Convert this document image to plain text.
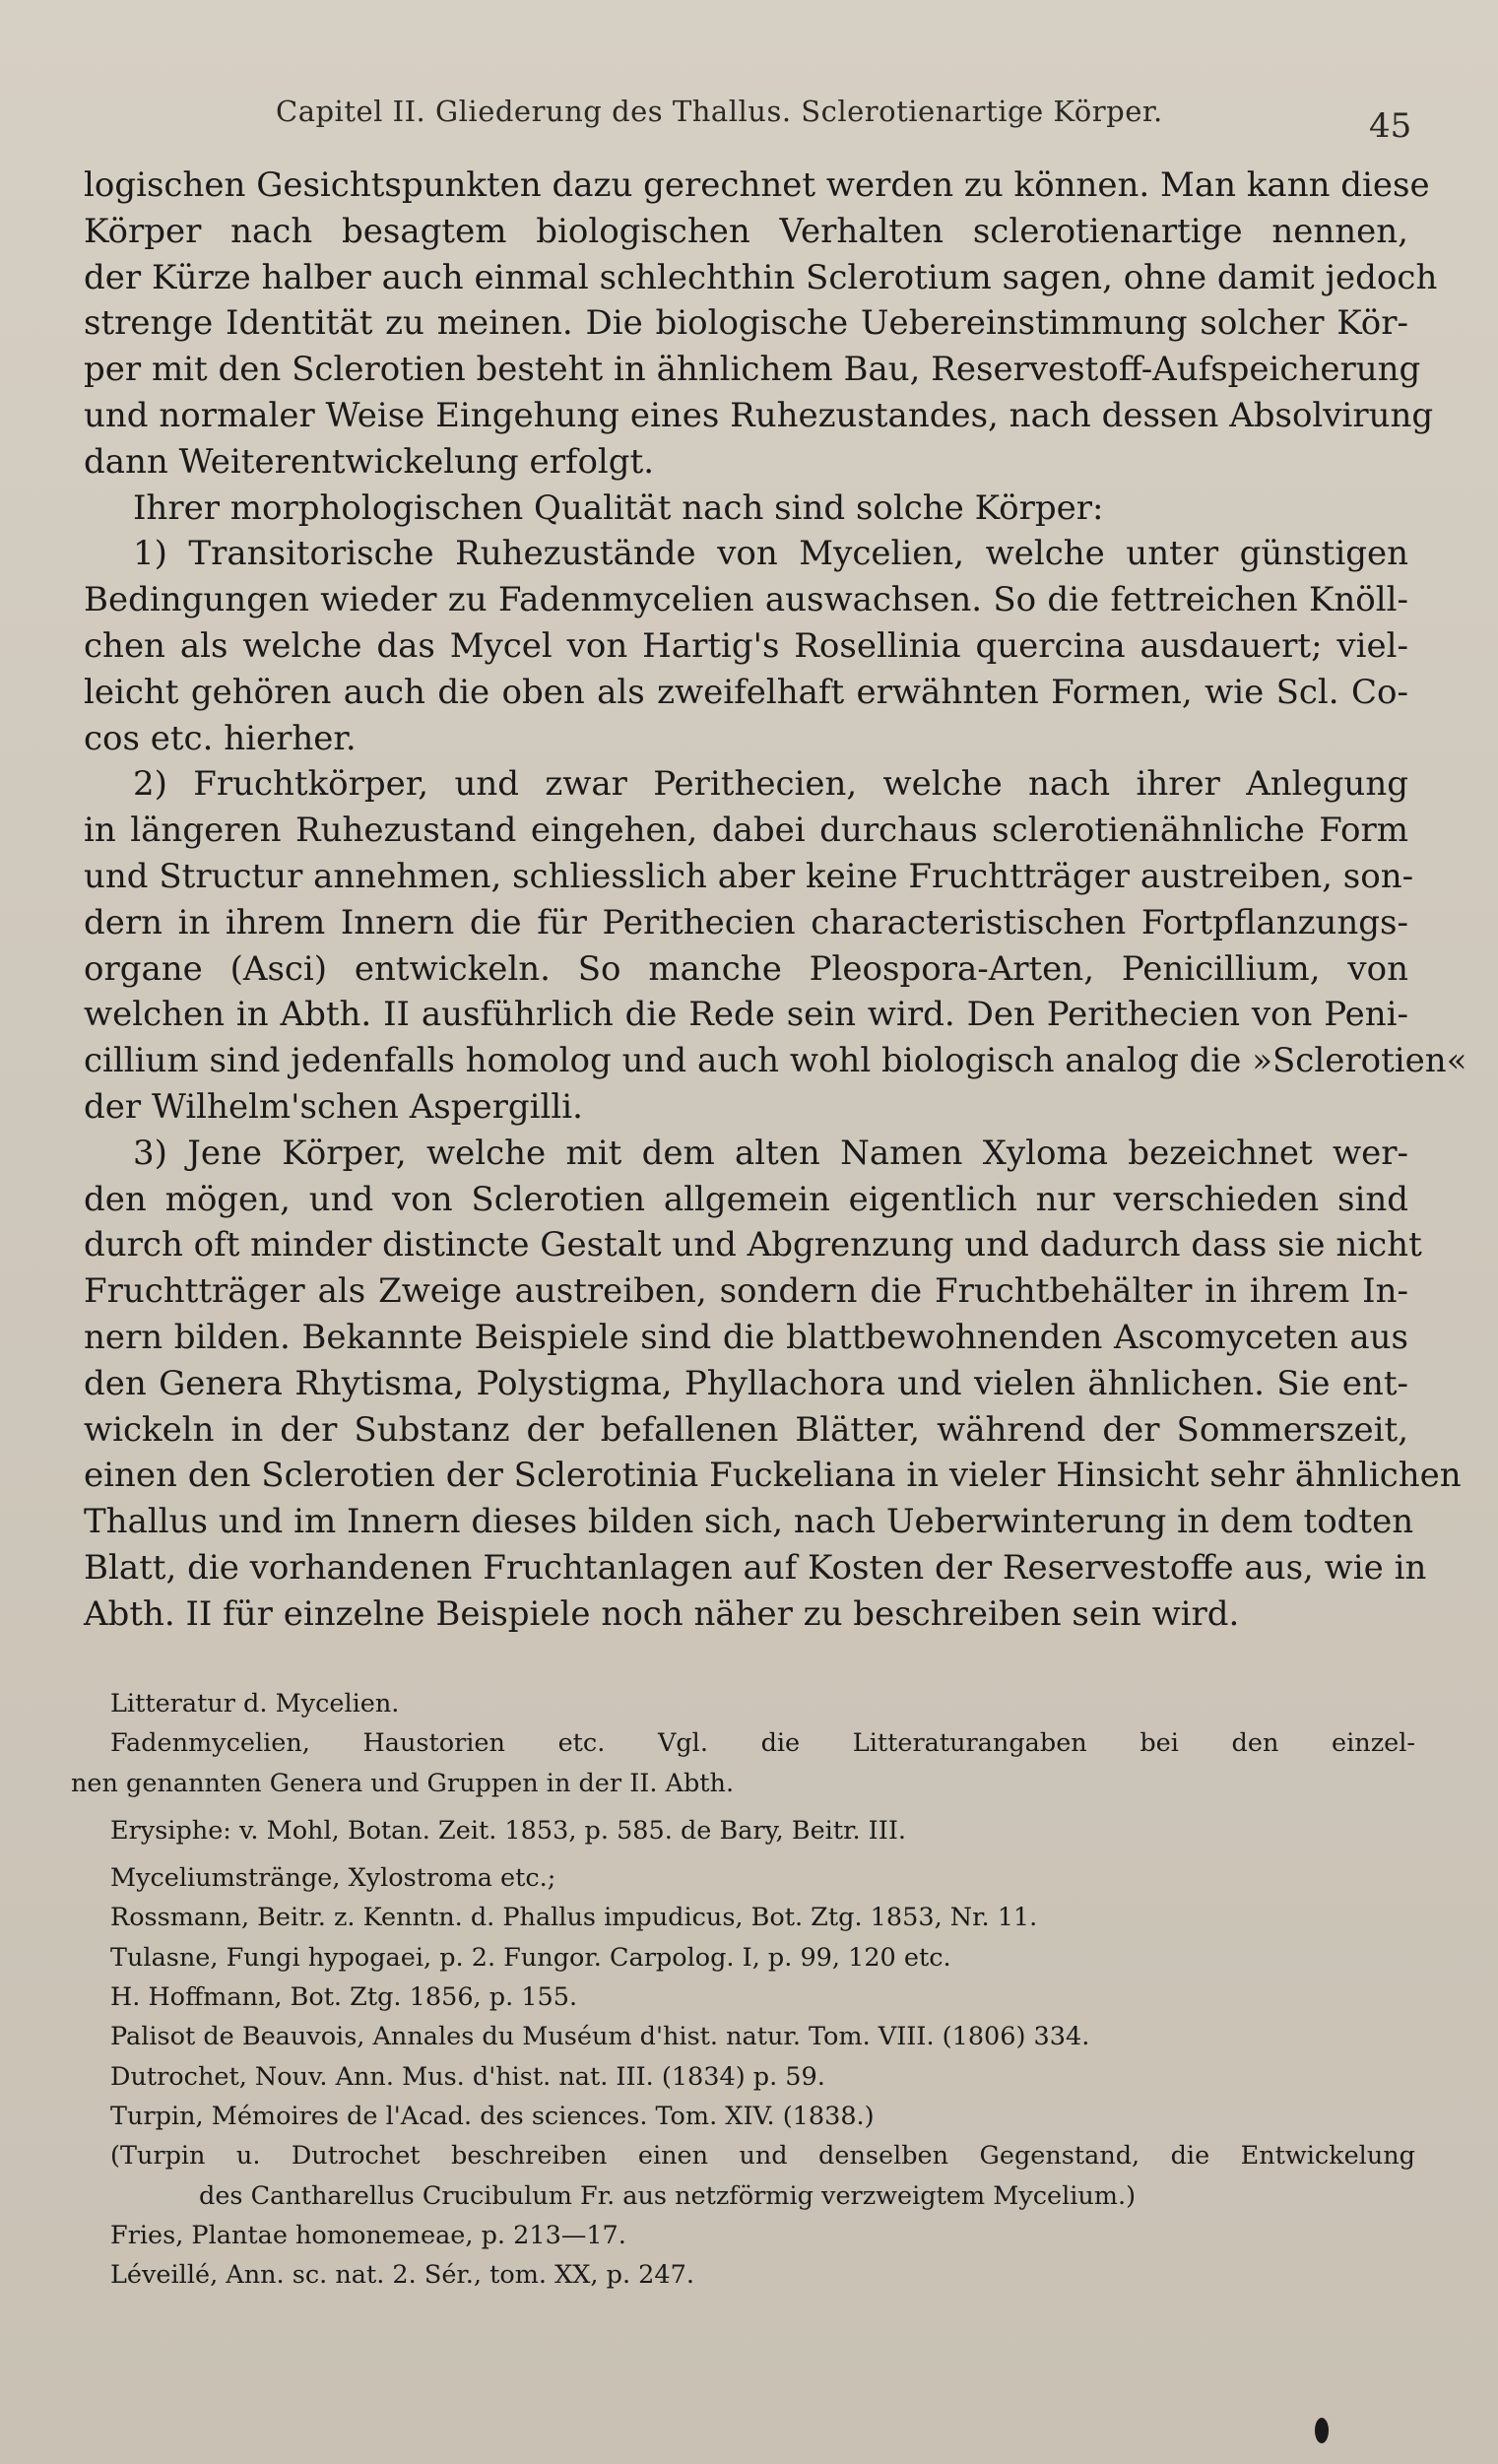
Capitel II. Gliederung des Thallus. Sclerotienartige Körper.	45
logischen Gesichtspunkten dazu gerechnet werden zu können. Man kann diese
Körper nach besagtem biologischen Verhalten sclerotienartige nennen,
der Kürze halber auch einmal schlechthin Sclerotium sagen, ohne damit jedoch
strenge Identität zu meinen. Die biologische Uebereinstimmung solcher Kör-
per mit den Sclerotien besteht in ähnlichem Bau, Reservestoff-Aufspeicherung
und normaler Weise Eingehung eines Ruhezustandes, nach dessen Absolvirung
dann Weiterentwickelung erfolgt.
Ihrer morphologischen Qualität nach sind solche Körper:
1) Transitorische Ruhezustände von Mycelien, welche unter günstigen
Bedingungen wieder zu Fadenmycelien auswachsen. So die fettreichen Knöll-
chen als welche das Mycel von Hartig's Rosellinia quercina ausdauert; viel-
leicht gehören auch die oben als zweifelhaft erwähnten Formen, wie Scl. Co-
cos etc. hierher.
2) Fruchtkörper, und zwar Perithecien, welche nach ihrer Anlegung
in längeren Ruhezustand eingehen, dabei durchaus sclerotienähnliche Form
und Structur annehmen, schliesslich aber keine Fruchtträger austreiben, son-
dern in ihrem Innern die für Perithecien characteristischen Fortpflanzungs-
organe (Asci) entwickeln. So manche Pleospora-Arten, Penicillium, von
welchen in Abth. II ausführlich die Rede sein wird. Den Perithecien von Peni-
cillium sind jedenfalls homolog und auch wohl biologisch analog die »Sclerotien«
der Wilhelm'schen Aspergilli.
3) Jene Körper, welche mit dem alten Namen Xyloma bezeichnet wer-
den mögen, und von Sclerotien allgemein eigentlich nur verschieden sind
durch oft minder distincte Gestalt und Abgrenzung und dadurch dass sie nicht
Fruchtträger als Zweige austreiben, sondern die Fruchtbehälter in ihrem In-
nern bilden. Bekannte Beispiele sind die blattbewohnenden Ascomyceten aus
den Genera Rhytisma, Polystigma, Phyllachora und vielen ähnlichen. Sie ent-
wickeln in der Substanz der befallenen Blätter, während der Sommerszeit,
einen den Sclerotien der Sclerotinia Fuckeliana in vieler Hinsicht sehr ähnlichen
Thallus und im Innern dieses bilden sich, nach Ueberwinterung in dem todten
Blatt, die vorhandenen Fruchtanlagen auf Kosten der Reservestoffe aus, wie in
Abth. II für einzelne Beispiele noch näher zu beschreiben sein wird.
Litteratur d. Mycelien.
Fadenmycelien, Haustorien etc. Vgl. die Litteraturangaben bei den einzel-
nen genannten Genera und Gruppen in der II. Abth.
Erysiphe: v. Mohl, Botan. Zeit. 1853, p. 585. de Bary, Beitr. III.
Myceliumstränge, Xylostroma etc.;
Rossmann, Beitr. z. Kenntn. d. Phallus impudicus, Bot. Ztg. 1853, Nr. 11.
Tulasne, Fungi hypogaei, p. 2. Fungor. Carpolog. I, p. 99, 120 etc.
H. Hoffmann, Bot. Ztg. 1856, p. 155.
Palisot de Beauvois, Annales du Muséum d'hist. natur. Tom. VIII. (1806) 334.
Dutrochet, Nouv. Ann. Mus. d'hist. nat. III. (1834) p. 59.
Turpin, Mémoires de l'Acad. des sciences. Tom. XIV. (1838.)
(Turpin u. Dutrochet beschreiben einen und denselben Gegenstand, die Entwickelung
des Cantharellus Crucibulum Fr. aus netzförmig verzweigtem Mycelium.)
Fries, Plantae homonemeae, p. 213—17.
Léveillé, Ann. sc. nat. 2. Sér., tom. XX, p. 247.
